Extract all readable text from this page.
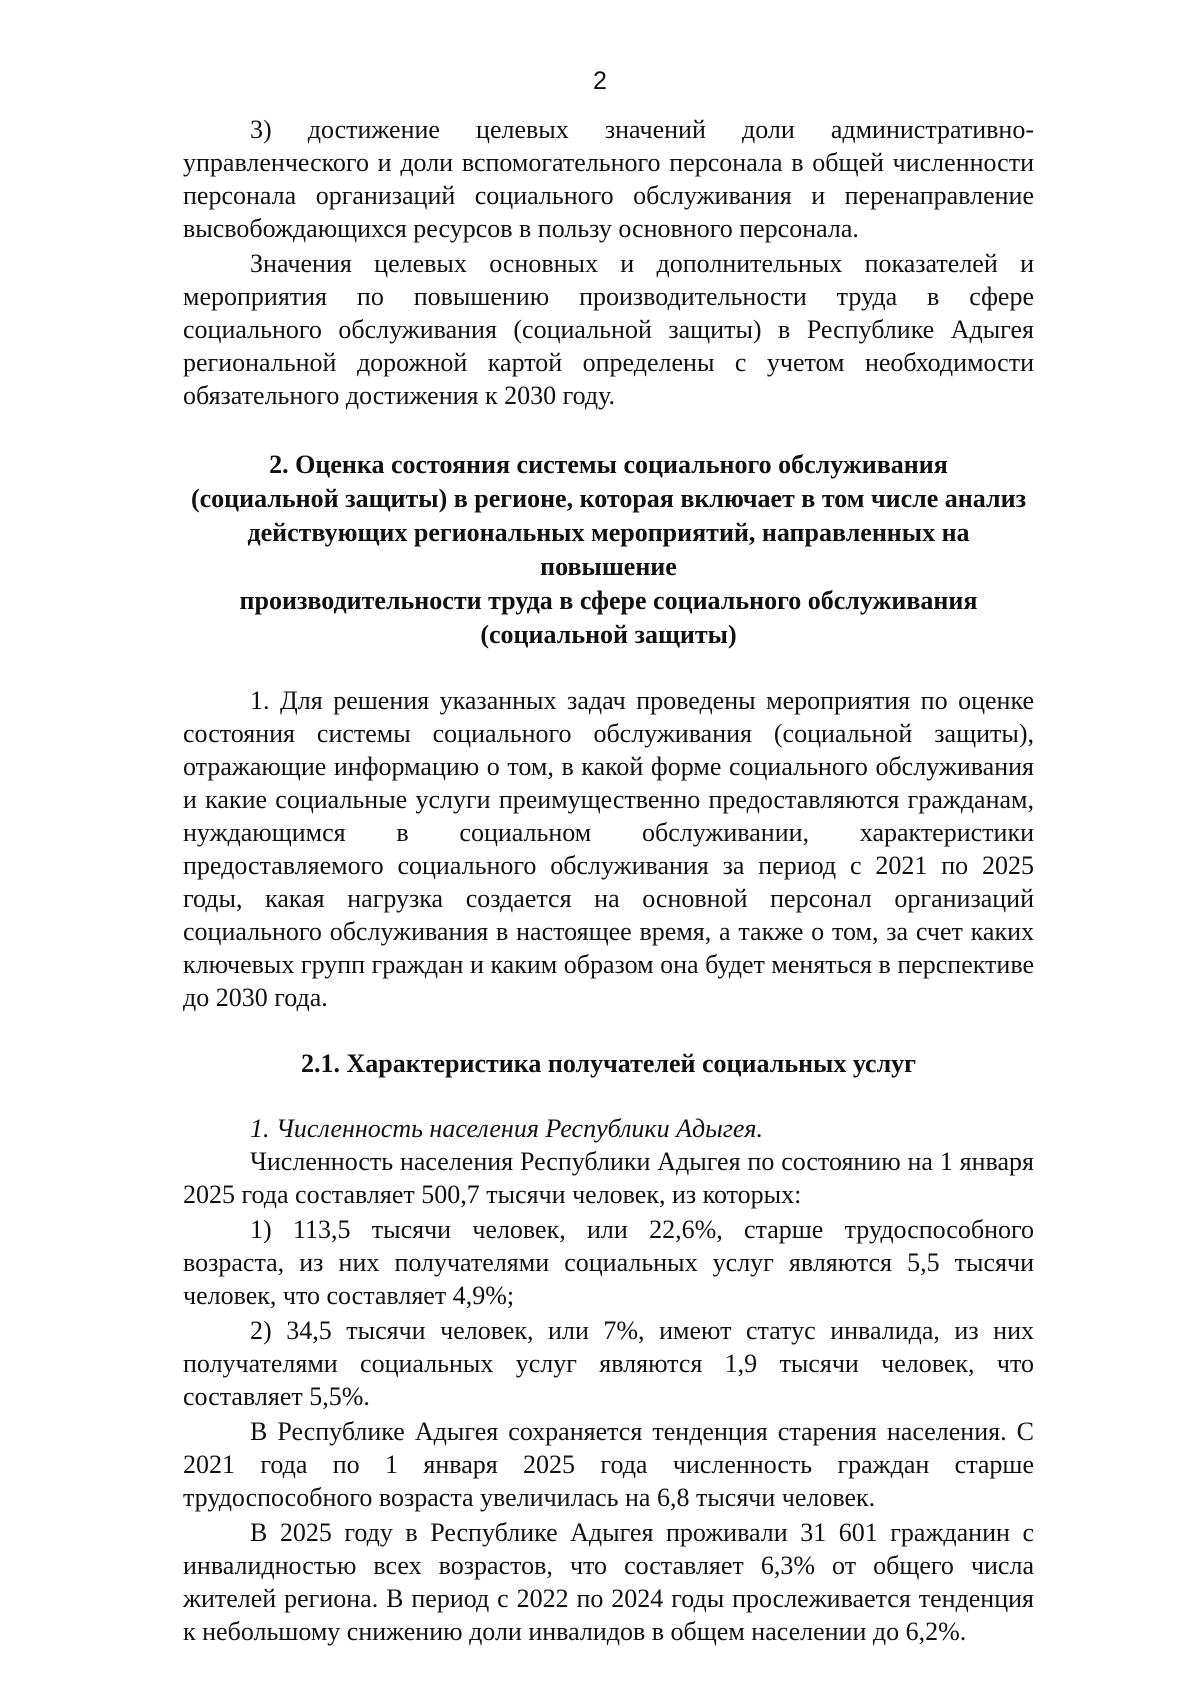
2

3) достижение целевых значений доли административно-управленческого и доли вспомогательного персонала в общей численности персонала организаций социального обслуживания и перенаправление высвобождающихся ресурсов в пользу основного персонала.

Значения целевых основных и дополнительных показателей и мероприятия по повышению производительности труда в сфере социального обслуживания (социальной защиты) в Республике Адыгея региональной дорожной картой определены с учетом необходимости обязательного достижения к 2030 году.

2. Оценка состояния системы социального обслуживания
(социальной защиты) в регионе, которая включает в том числе анализ
действующих региональных мероприятий, направленных на повышение
производительности труда в сфере социального обслуживания
(социальной защиты)

1. Для решения указанных задач проведены мероприятия по оценке состояния системы социального обслуживания (социальной защиты), отражающие информацию о том, в какой форме социального обслуживания и какие социальные услуги преимущественно предоставляются гражданам, нуждающимся в социальном обслуживании, характеристики предоставляемого социального обслуживания за период с 2021 по 2025 годы, какая нагрузка создается на основной персонал организаций социального обслуживания в настоящее время, а также о том, за счет каких ключевых групп граждан и каким образом она будет меняться в перспективе до 2030 года.

2.1. Характеристика получателей социальных услуг

1. Численность населения Республики Адыгея.

Численность населения Республики Адыгея по состоянию на 1 января 2025 года составляет 500,7 тысячи человек, из которых:

1) 113,5 тысячи человек, или 22,6%, старше трудоспособного возраста, из них получателями социальных услуг являются 5,5 тысячи человек, что составляет 4,9%;

2) 34,5 тысячи человек, или 7%, имеют статус инвалида, из них получателями социальных услуг являются 1,9 тысячи человек, что составляет 5,5%.

В Республике Адыгея сохраняется тенденция старения населения. С 2021 года по 1 января 2025 года численность граждан старше трудоспособного возраста увеличилась на 6,8 тысячи человек.

В 2025 году в Республике Адыгея проживали 31 601 гражданин с инвалидностью всех возрастов, что составляет 6,3% от общего числа жителей региона. В период с 2022 по 2024 годы прослеживается тенденция к небольшому снижению доли инвалидов в общем населении до 6,2%.
